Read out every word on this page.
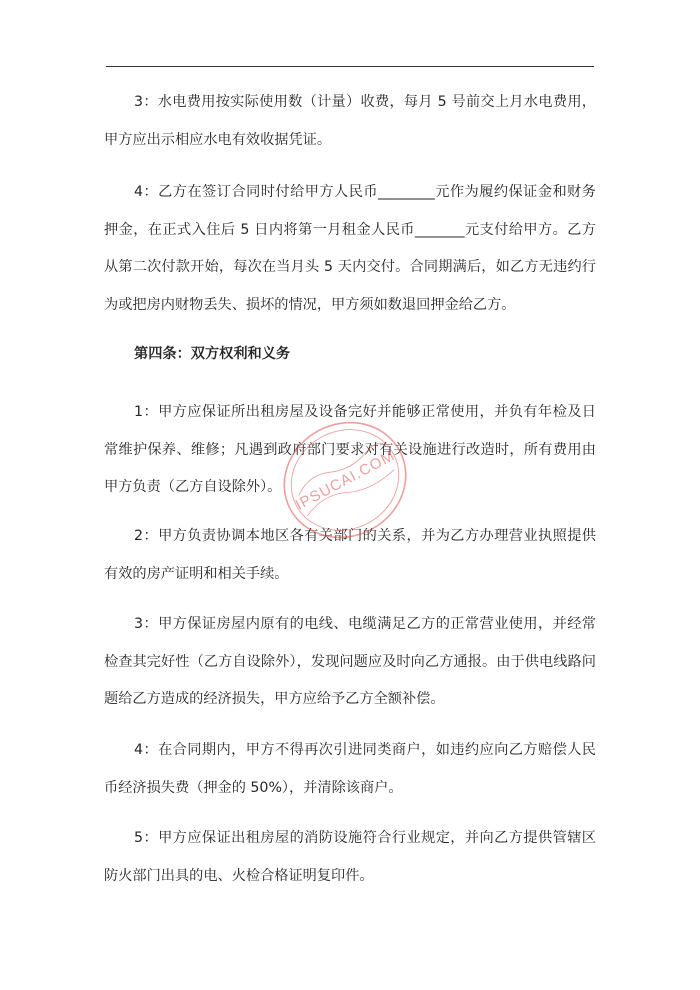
3：水电费用按实际使用数（计量）收费，每月 5 号前交上月水电费用，甲方应出示相应水电有效收据凭证。

4：乙方在签订合同时付给甲方人民币________元作为履约保证金和财务押金，在正式入住后 5 日内将第一月租金人民币_______元支付给甲方。乙方从第二次付款开始，每次在当月头 5 天内交付。合同期满后，如乙方无违约行为或把房内财物丢失、损坏的情况，甲方须如数退回押金给乙方。

第四条：双方权利和义务

1：甲方应保证所出租房屋及设备完好并能够正常使用，并负有年检及日常维护保养、维修；凡遇到政府部门要求对有关设施进行改造时，所有费用由甲方负责（乙方自设除外）。

2：甲方负责协调本地区各有关部门的关系，并为乙方办理营业执照提供有效的房产证明和相关手续。

3：甲方保证房屋内原有的电线、电缆满足乙方的正常营业使用，并经常检查其完好性（乙方自设除外），发现问题应及时向乙方通报。由于供电线路问题给乙方造成的经济损失，甲方应给予乙方全额补偿。

4：在合同期内，甲方不得再次引进同类商户，如违约应向乙方赔偿人民币经济损失费（押金的 50%），并清除该商户。

5：甲方应保证出租房屋的消防设施符合行业规定，并向乙方提供管辖区防火部门出具的电、火检合格证明复印件。

IPSUCAI.COM
